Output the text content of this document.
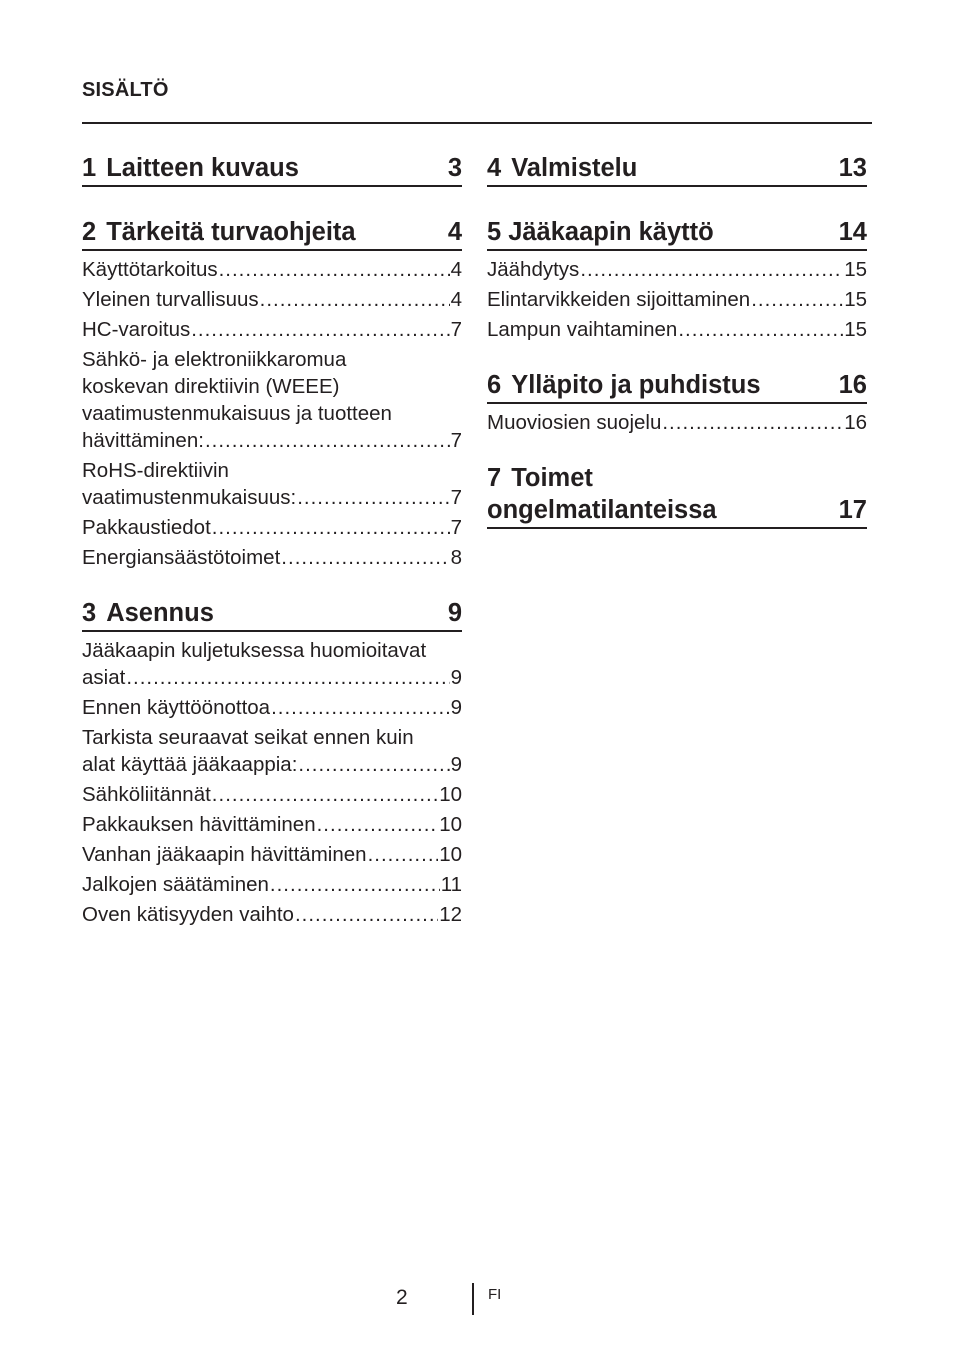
SISÄLTÖ
1 Laitteen kuvaus	3
2 Tärkeitä turvaohjeita	4
Käyttötarkoitus .....	4
Yleinen turvallisuus .....	4
HC-varoitus .....	7
Sähkö- ja elektroniikkaromua
koskevan direktiivin (WEEE)
vaatimustenmukaisuus ja tuotteen
hävittäminen: .....	7
RoHS-direktiivin
vaatimustenmukaisuus: .....	7
Pakkaustiedot .....	7
Energiansäästötoimet .....	8
3 Asennus	9
Jääkaapin kuljetuksessa huomioitavat
asiat .....	9
Ennen käyttöönottoa .....	9
Tarkista seuraavat seikat ennen kuin
alat käyttää jääkaappia: .....	9
Sähköliitännät .....	10
Pakkauksen hävittäminen .....	10
Vanhan jääkaapin hävittäminen .....	10
Jalkojen säätäminen .....	11
Oven kätisyyden vaihto .....	12
4 Valmistelu	13
5 Jääkaapin käyttö	14
Jäähdytys .....	15
Elintarvikkeiden sijoittaminen .....	15
Lampun vaihtaminen .....	15
6 Ylläpito ja puhdistus	16
Muoviosien suojelu .....	16
7 Toimet
ongelmatilanteissa	17
2	FI
